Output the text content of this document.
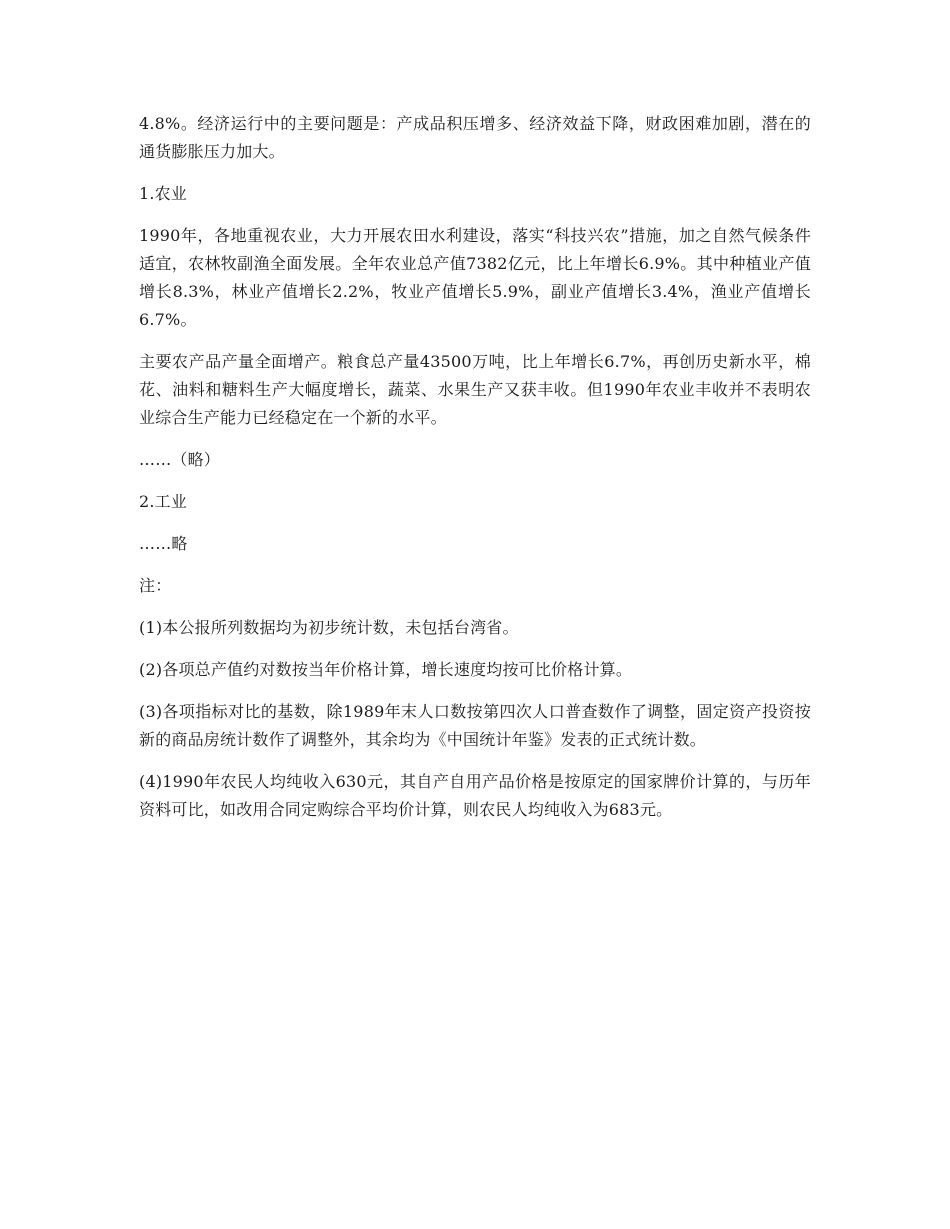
4.8%。经济运行中的主要问题是：产成品积压增多、经济效益下降，财政困难加剧，潜在的通货膨胀压力加大。

1.农业

1990年，各地重视农业，大力开展农田水利建设，落实“科技兴农”措施，加之自然气候条件适宜，农林牧副渔全面发展。全年农业总产值7382亿元，比上年增长6.9%。其中种植业产值增长8.3%，林业产值增长2.2%，牧业产值增长5.9%，副业产值增长3.4%，渔业产值增长6.7%。

主要农产品产量全面增产。粮食总产量43500万吨，比上年增长6.7%，再创历史新水平，棉花、油料和糖料生产大幅度增长，蔬菜、水果生产又获丰收。但1990年农业丰收并不表明农业综合生产能力已经稳定在一个新的水平。

……（略）

2.工业

……略

注：

(1)本公报所列数据均为初步统计数，未包括台湾省。

(2)各项总产值约对数按当年价格计算，增长速度均按可比价格计算。

(3)各项指标对比的基数，除1989年末人口数按第四次人口普查数作了调整，固定资产投资按新的商品房统计数作了调整外，其余均为《中国统计年鉴》发表的正式统计数。

(4)1990年农民人均纯收入630元，其自产自用产品价格是按原定的国家牌价计算的，与历年资料可比，如改用合同定购综合平均价计算，则农民人均纯收入为683元。
